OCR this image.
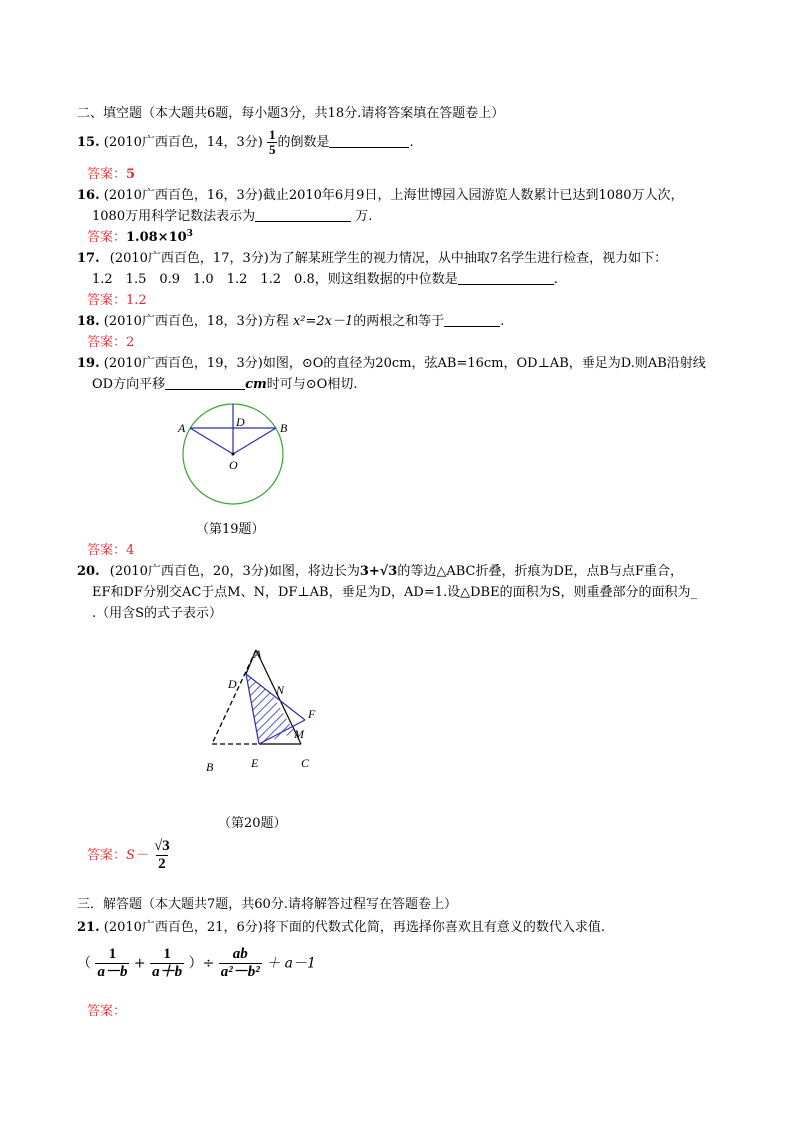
二、填空题（本大题共6题，每小题3分，共18分.请将答案填在答题卷上）
15. (2010广西百色，14，3分) $\frac{1}{5}$ 的倒数是	.
答案：5
16. (2010广西百色，16，3分)截止2010年6月9日，上海世博园入园游览人数累计已达到1080万人次，
1080万用科学记数法表示为	万.
答案：$1.08\times 10^3$
17. (2010广西百色，17，3分)为了解某班学生的视力情况，从中抽取7名学生进行检查，视力如下：
1.2　1.5　0.9　1.0　1.2　1.2　0.8，则这组数据的中位数是	.
答案：1.2
18. (2010广西百色，18，3分)方程 x²=2x－1的两根之和等于	.
答案：2
19. (2010广西百色，19，3分)如图，⊙O的直径为20cm，弦AB=16cm，OD⊥AB，垂足为D.则AB沿射线
OD方向平移	cm时可与⊙O相切.
A	B
D
O
（第19题）
答案：4
20. (2010广西百色，20，3分)如图，将边长为3+√3的等边△ABC折叠，折痕为DE，点B与点F重合，
EF和DF分别交AC于点M、N，DF⊥AB，垂足为D，AD=1.设△DBE的面积为S，则重叠部分的面积为_
.（用含S的式子表示）
A
D	N
F
M
B	E	C
（第20题）
答案：$S- \frac{√3}{2}$
三．解答题（本大题共7题，共60分.请将解答过程写在答题卷上）
21. (2010广西百色，21，6分)将下面的代数式化简，再选择你喜欢且有意义的数代入求值.
（ $\frac{1}{a-b} + \frac{1}{a+b}$ ）÷ $\frac{ab}{\text{a²－b²}} + a-1$
答案：
